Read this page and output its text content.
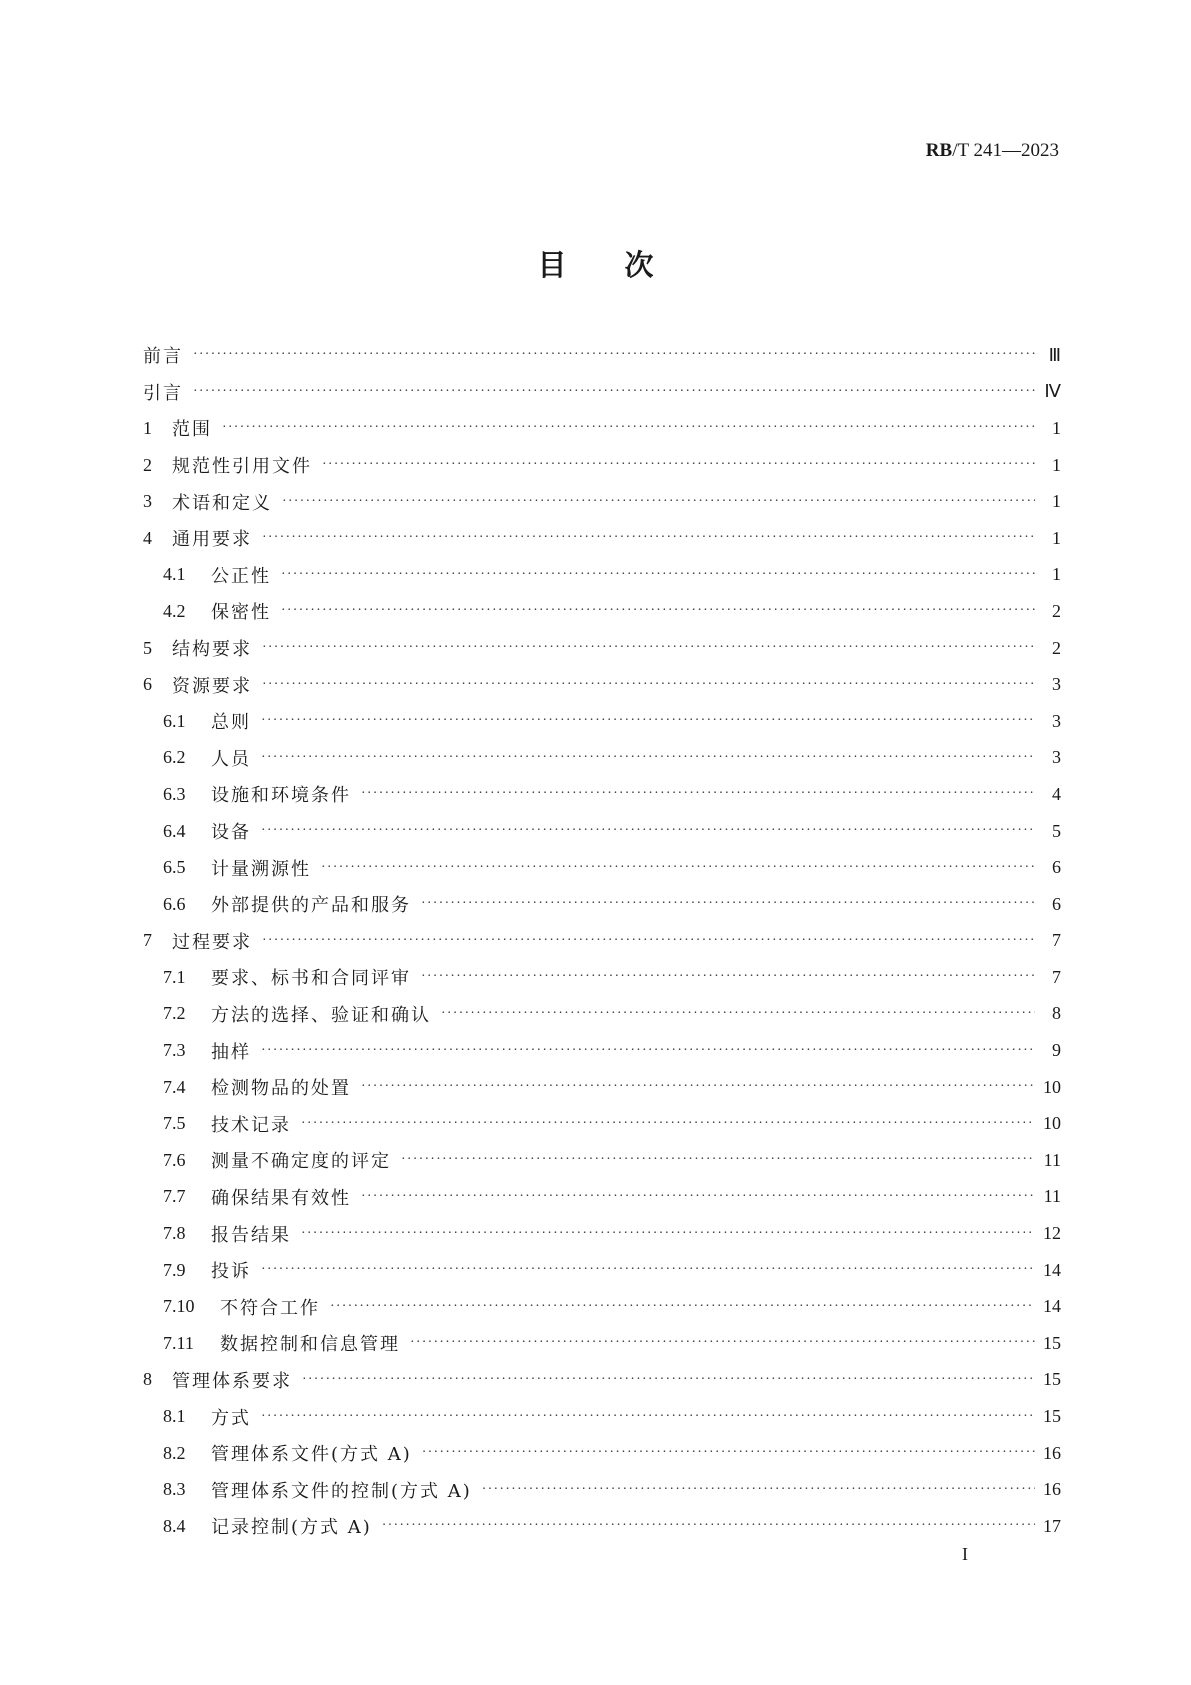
RB/T 241—2023
目次
前言 ·····	Ⅲ
引言 ·····	Ⅳ
1	范围 ·····	1
2	规范性引用文件 ·····	1
3	术语和定义 ·····	1
4	通用要求 ·····	1
4.1	公正性 ·····	1
4.2	保密性 ·····	2
5	结构要求 ·····	2
6	资源要求 ·····	3
6.1	总则 ·····	3
6.2	人员 ·····	3
6.3	设施和环境条件 ·····	4
6.4	设备 ·····	5
6.5	计量溯源性 ·····	6
6.6	外部提供的产品和服务 ·····	6
7	过程要求 ·····	7
7.1	要求、标书和合同评审 ·····	7
7.2	方法的选择、验证和确认 ·····	8
7.3	抽样 ·····	9
7.4	检测物品的处置 ·····	10
7.5	技术记录 ·····	10
7.6	测量不确定度的评定 ·····	11
7.7	确保结果有效性 ·····	11
7.8	报告结果 ·····	12
7.9	投诉 ·····	14
7.10	不符合工作 ·····	14
7.11	数据控制和信息管理 ·····	15
8	管理体系要求 ·····	15
8.1	方式 ·····	15
8.2	管理体系文件(方式 A) ·····	16
8.3	管理体系文件的控制(方式 A) ·····	16
8.4	记录控制(方式 A) ·····	17
I
